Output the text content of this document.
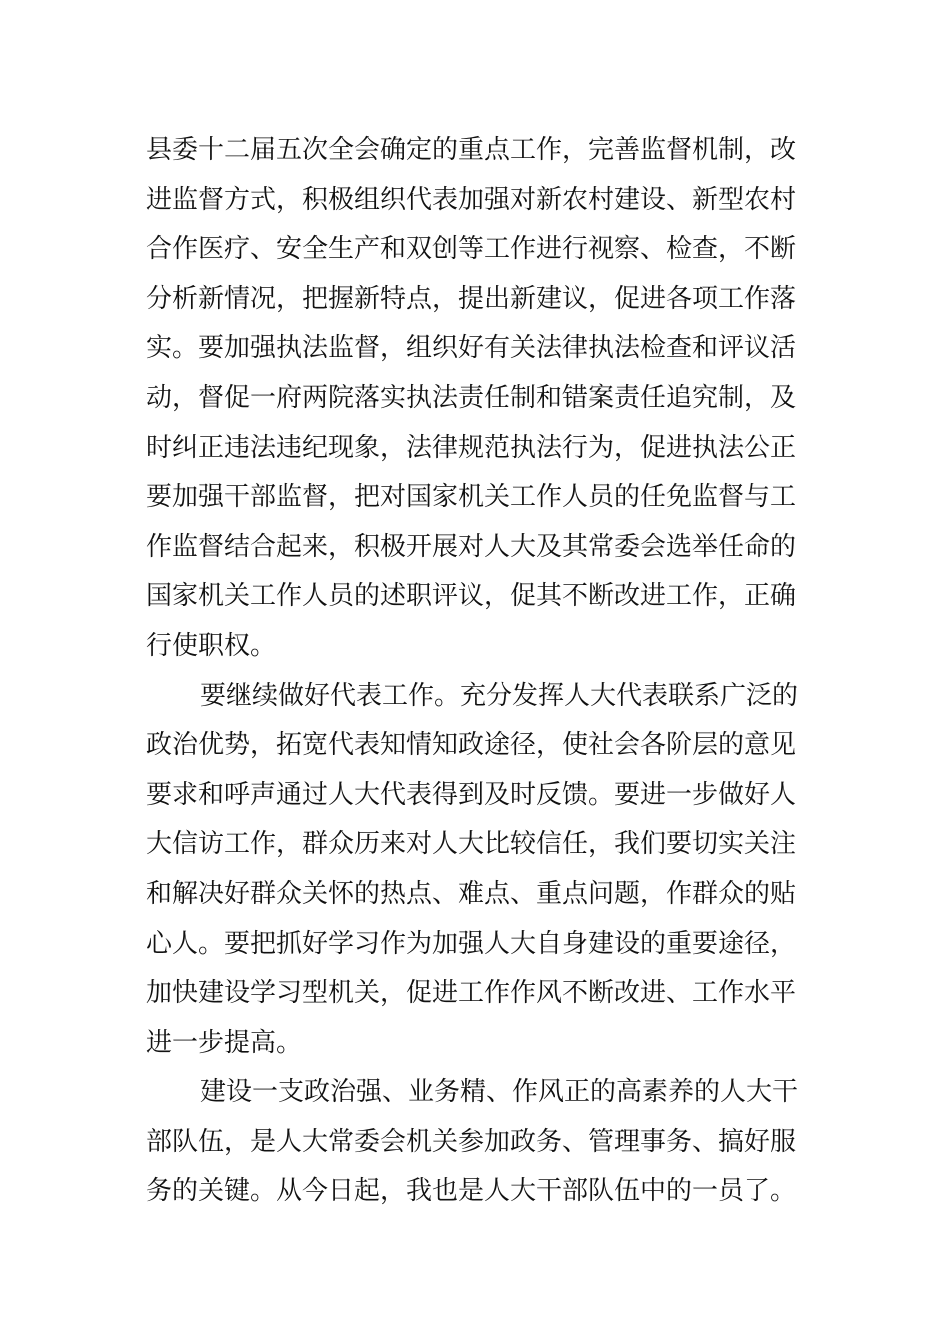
县委十二届五次全会确定的重点工作，完善监督机制，改
进监督方式，积极组织代表加强对新农村建设、新型农村
合作医疗、安全生产和双创等工作进行视察、检查，不断
分析新情况，把握新特点，提出新建议，促进各项工作落
实。要加强执法监督，组织好有关法律执法检查和评议活
动，督促一府两院落实执法责任制和错案责任追究制，及
时纠正违法违纪现象，法律规范执法行为，促进执法公正
要加强干部监督，把对国家机关工作人员的任免监督与工
作监督结合起来，积极开展对人大及其常委会选举任命的
国家机关工作人员的述职评议，促其不断改进工作，正确
行使职权。
要继续做好代表工作。充分发挥人大代表联系广泛的
政治优势，拓宽代表知情知政途径，使社会各阶层的意见
要求和呼声通过人大代表得到及时反馈。要进一步做好人
大信访工作，群众历来对人大比较信任，我们要切实关注
和解决好群众关怀的热点、难点、重点问题，作群众的贴
心人。要把抓好学习作为加强人大自身建设的重要途径，
加快建设学习型机关，促进工作作风不断改进、工作水平
进一步提高。
建设一支政治强、业务精、作风正的高素养的人大干
部队伍，是人大常委会机关参加政务、管理事务、搞好服
务的关键。从今日起，我也是人大干部队伍中的一员了。
